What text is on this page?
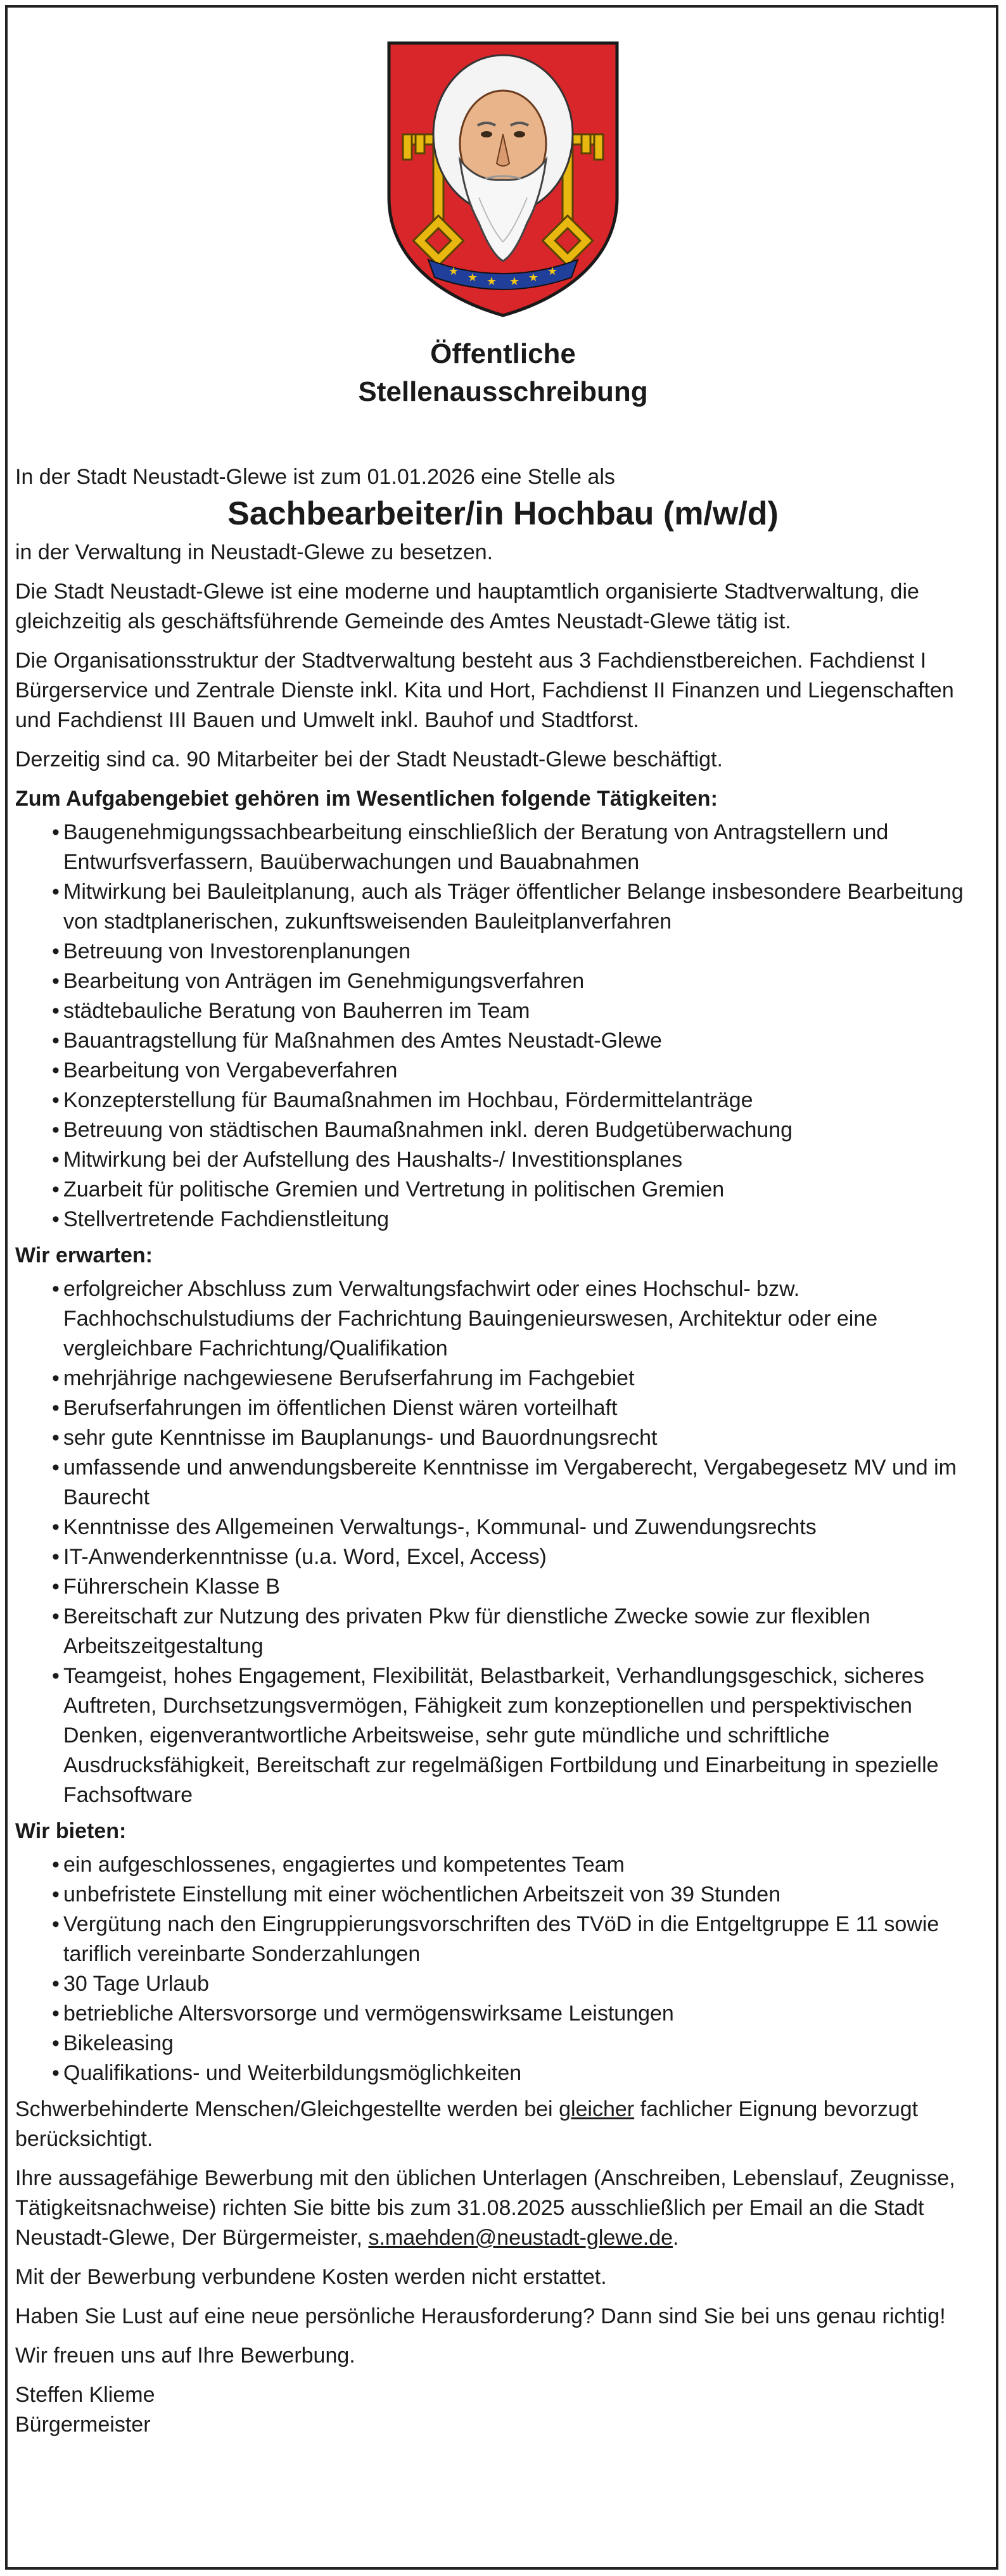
★ ★ ★ ★ ★ ★
Öffentliche
Stellenausschreibung

In der Stadt Neustadt-Glewe ist zum 01.01.2026 eine Stelle als

Sachbearbeiter/in Hochbau (m/w/d)

in der Verwaltung in Neustadt-Glewe zu besetzen.

Die Stadt Neustadt-Glewe ist eine moderne und hauptamtlich organisierte Stadtverwaltung, die gleichzeitig als geschäftsführende Gemeinde des Amtes Neustadt-Glewe tätig ist.

Die Organisationsstruktur der Stadtverwaltung besteht aus 3 Fachdienstbereichen. Fachdienst I Bürgerservice und Zentrale Dienste inkl. Kita und Hort, Fachdienst II Finanzen und Liegenschaften und Fachdienst III Bauen und Umwelt inkl. Bauhof und Stadtforst.

Derzeitig sind ca. 90 Mitarbeiter bei der Stadt Neustadt-Glewe beschäftigt.

Zum Aufgabengebiet gehören im Wesentlichen folgende Tätigkeiten:
• Baugenehmigungssachbearbeitung einschließlich der Beratung von Antragstellern und Entwurfsverfassern, Bauüberwachungen und Bauabnahmen
• Mitwirkung bei Bauleitplanung, auch als Träger öffentlicher Belange insbesondere Bearbeitung von stadtplanerischen, zukunftsweisenden Bauleitplanverfahren
• Betreuung von Investorenplanungen
• Bearbeitung von Anträgen im Genehmigungsverfahren
• städtebauliche Beratung von Bauherren im Team
• Bauantragstellung für Maßnahmen des Amtes Neustadt-Glewe
• Bearbeitung von Vergabeverfahren
• Konzepterstellung für Baumaßnahmen im Hochbau, Fördermittelanträge
• Betreuung von städtischen Baumaßnahmen inkl. deren Budgetüberwachung
• Mitwirkung bei der Aufstellung des Haushalts-/ Investitionsplanes
• Zuarbeit für politische Gremien und Vertretung in politischen Gremien
• Stellvertretende Fachdienstleitung
Wir erwarten:
• erfolgreicher Abschluss zum Verwaltungsfachwirt oder eines Hochschul- bzw. Fachhochschulstudiums der Fachrichtung Bauingenieurswesen, Architektur oder eine vergleichbare Fachrichtung/Qualifikation
• mehrjährige nachgewiesene Berufserfahrung im Fachgebiet
• Berufserfahrungen im öffentlichen Dienst wären vorteilhaft
• sehr gute Kenntnisse im Bauplanungs- und Bauordnungsrecht
• umfassende und anwendungsbereite Kenntnisse im Vergaberecht, Vergabegesetz MV und im Baurecht
• Kenntnisse des Allgemeinen Verwaltungs-, Kommunal- und Zuwendungsrechts
• IT-Anwenderkenntnisse (u.a. Word, Excel, Access)
• Führerschein Klasse B
• Bereitschaft zur Nutzung des privaten Pkw für dienstliche Zwecke sowie zur flexiblen Arbeitszeitgestaltung
• Teamgeist, hohes Engagement, Flexibilität, Belastbarkeit, Verhandlungsgeschick, sicheres Auftreten, Durchsetzungsvermögen, Fähigkeit zum konzeptionellen und perspektivischen Denken, eigenverantwortliche Arbeitsweise, sehr gute mündliche und schriftliche Ausdrucksfähigkeit, Bereitschaft zur regelmäßigen Fortbildung und Einarbeitung in spezielle Fachsoftware
Wir bieten:
• ein aufgeschlossenes, engagiertes und kompetentes Team
• unbefristete Einstellung mit einer wöchentlichen Arbeitszeit von 39 Stunden
• Vergütung nach den Eingruppierungsvorschriften des TVöD in die Entgeltgruppe E 11 sowie tariflich vereinbarte Sonderzahlungen
• 30 Tage Urlaub
• betriebliche Altersvorsorge und vermögenswirksame Leistungen
• Bikeleasing
• Qualifikations- und Weiterbildungsmöglichkeiten

Schwerbehinderte Menschen/Gleichgestellte werden bei gleicher fachlicher Eignung bevorzugt berücksichtigt.

Ihre aussagefähige Bewerbung mit den üblichen Unterlagen (Anschreiben, Lebenslauf, Zeugnisse, Tätigkeitsnachweise) richten Sie bitte bis zum 31.08.2025 ausschließlich per Email an die Stadt Neustadt-Glewe, Der Bürgermeister, s.maehden@neustadt-glewe.de.

Mit der Bewerbung verbundene Kosten werden nicht erstattet.

Haben Sie Lust auf eine neue persönliche Herausforderung? Dann sind Sie bei uns genau richtig!

Wir freuen uns auf Ihre Bewerbung.

Steffen Klieme

Bürgermeister
